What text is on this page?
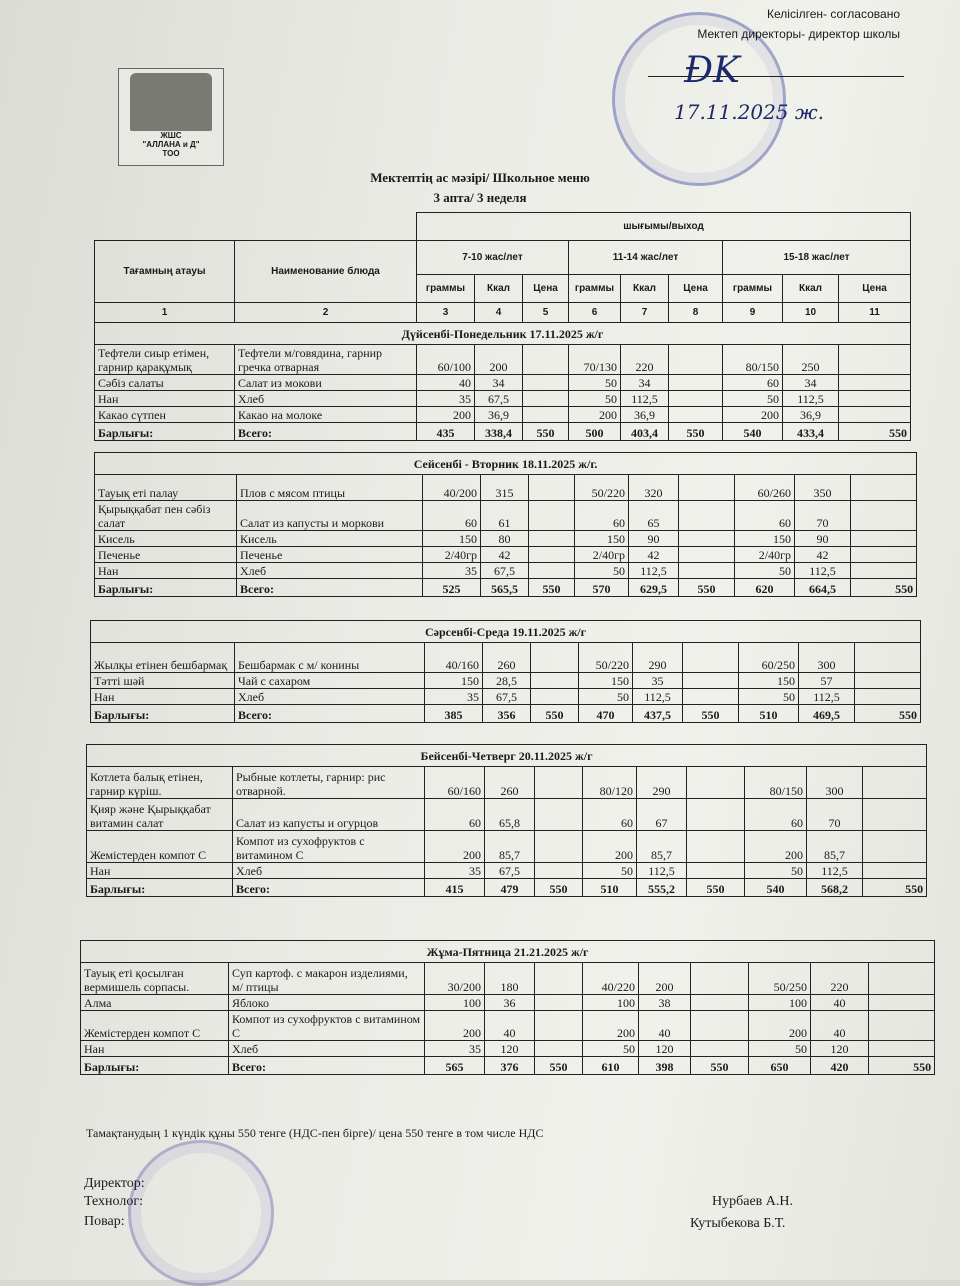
ЖШС
"АЛЛАНА и Д"
ТОО
Келісілген- согласовано
Мектеп директоры- директор школы
ƉK
17.11.2025 ж.
Мектептің ас мәзірі/ Школьное меню
3 апта/ 3 неделя
		шығымы/выход								
Тағамның атауы	Наименование блюда	7-10 жас/лет			11-14 жас/лет			15-18 жас/лет		
		граммы	Ккал	Цена	граммы	Ккал	Цена	граммы	Ккал	Цена
1	2	3	4	5	6	7	8	9	10	11
Дүйсенбі-Понедельник 17.11.2025 ж/г										
Тефтели сиыр етімен, гарнир қарақұмық	Тефтели м/говядина, гарнир гречка отварная	60/100	200		70/130	220		80/150	250	
Сәбіз салаты	Салат из мокови	40	34		50	34		60	34	
Нан	Хлеб	35	67,5		50	112,5		50	112,5	
Какао сүтпен	Какао на молоке	200	36,9		200	36,9		200	36,9	
Барлығы:	Всего:	435	338,4	550	500	403,4	550	540	433,4	550
Сейсенбі - Вторник 18.11.2025 ж/г.										
Тауық еті палау	Плов с мясом птицы	40/200	315		50/220	320		60/260	350	
Қырыққабат пен сәбіз салат	Салат из капусты и моркови	60	61		60	65		60	70	
Кисель	Кисель	150	80		150	90		150	90	
Печенье	Печенье	2/40гр	42		2/40гр	42		2/40гр	42	
Нан	Хлеб	35	67,5		50	112,5		50	112,5	
Барлығы:	Всего:	525	565,5	550	570	629,5	550	620	664,5	550
Сәрсенбі-Среда 19.11.2025 ж/г										
Жылқы етінен бешбармақ	Бешбармак с м/ конины	40/160	260		50/220	290		60/250	300	
Тәтті шәй	Чай с сахаром	150	28,5		150	35		150	57	
Нан	Хлеб	35	67,5		50	112,5		50	112,5	
Барлығы:	Всего:	385	356	550	470	437,5	550	510	469,5	550
Бейсенбі-Четверг 20.11.2025 ж/г										
Котлета балық етінен, гарнир күріш.	Рыбные котлеты, гарнир: рис отварной.	60/160	260		80/120	290		80/150	300	
Қияр және Қырыққабат витамин салат	Салат из капусты и огурцов	60	65,8		60	67		60	70	
Жемістерден компот С	Компот из сухофруктов с витамином С	200	85,7		200	85,7		200	85,7	
Нан	Хлеб	35	67,5		50	112,5		50	112,5	
Барлығы:	Всего:	415	479	550	510	555,2	550	540	568,2	550
Жұма-Пятница 21.21.2025 ж/г										
Тауық еті қосылған вермишель сорпасы.	Суп картоф. с макарон изделиями, м/ птицы	30/200	180		40/220	200		50/250	220	
Алма	Яблоко	100	36		100	38		100	40	
Жемістерден компот С	Компот из сухофруктов с витамином С	200	40		200	40		200	40	
Нан	Хлеб	35	120		50	120		50	120	
Барлығы:	Всего:	565	376	550	610	398	550	650	420	550
Тамақтанудың 1 күндік құны 550 тенге (НДС-пен бірге)/ цена 550 тенге в том числе НДС
Директор:
Технолог:
Повар:
Нурбаев А.Н.
Кутыбекова Б.Т.
